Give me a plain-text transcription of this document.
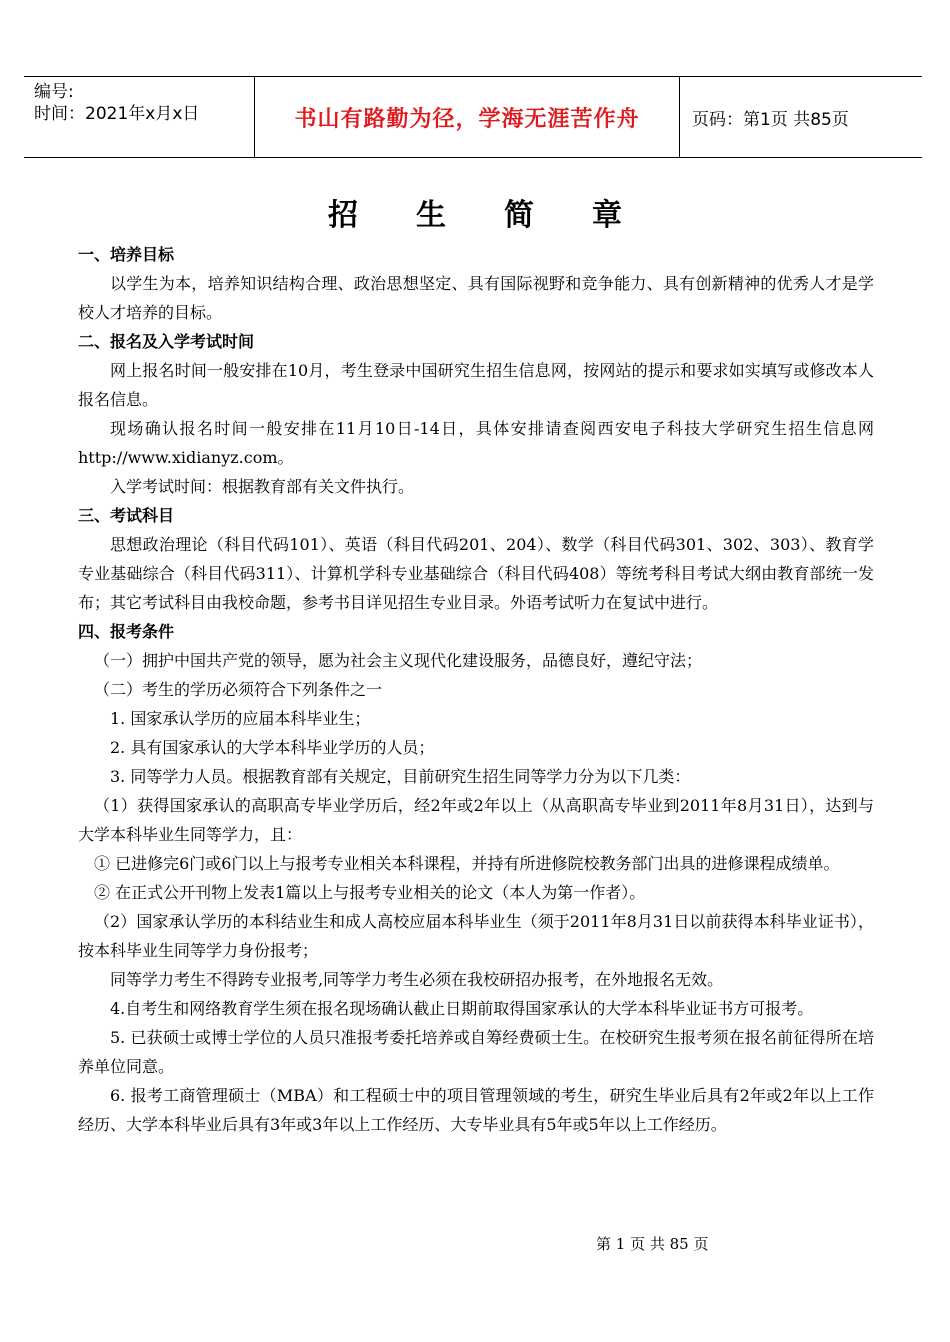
编号:
时间：2021年x月x日	书山有路勤为径，学海无涯苦作舟	页码：第1页 共85页
招生简章

一、培养目标

以学生为本，培养知识结构合理、政治思想坚定、具有国际视野和竞争能力、具有创新精神的优秀人才是学校人才培养的目标。

二、报名及入学考试时间

网上报名时间一般安排在10月，考生登录中国研究生招生信息网，按网站的提示和要求如实填写或修改本人报名信息。

现场确认报名时间一般安排在11月10日-14日，具体安排请查阅西安电子科技大学研究生招生信息网http://www.xidianyz.com。

入学考试时间：根据教育部有关文件执行。

三、考试科目

思想政治理论（科目代码101）、英语（科目代码201、204）、数学（科目代码301、302、303）、教育学专业基础综合（科目代码311）、计算机学科专业基础综合（科目代码408）等统考科目考试大纲由教育部统一发布；其它考试科目由我校命题，参考书目详见招生专业目录。外语考试听力在复试中进行。

四、报考条件

（一）拥护中国共产党的领导，愿为社会主义现代化建设服务，品德良好，遵纪守法；

（二）考生的学历必须符合下列条件之一

1. 国家承认学历的应届本科毕业生；

2. 具有国家承认的大学本科毕业学历的人员；

3. 同等学力人员。根据教育部有关规定，目前研究生招生同等学力分为以下几类：

（1）获得国家承认的高职高专毕业学历后，经2年或2年以上（从高职高专毕业到2011年8月31日），达到与大学本科毕业生同等学力，且：

① 已进修完6门或6门以上与报考专业相关本科课程，并持有所进修院校教务部门出具的进修课程成绩单。

② 在正式公开刊物上发表1篇以上与报考专业相关的论文（本人为第一作者）。

（2）国家承认学历的本科结业生和成人高校应届本科毕业生（须于2011年8月31日以前获得本科毕业证书），按本科毕业生同等学力身份报考；

同等学力考生不得跨专业报考,同等学力考生必须在我校研招办报考，在外地报名无效。

4.自考生和网络教育学生须在报名现场确认截止日期前取得国家承认的大学本科毕业证书方可报考。

5. 已获硕士或博士学位的人员只准报考委托培养或自筹经费硕士生。在校研究生报考须在报名前征得所在培养单位同意。

6. 报考工商管理硕士（MBA）和工程硕士中的项目管理领域的考生，研究生毕业后具有2年或2年以上工作经历、大学本科毕业后具有3年或3年以上工作经历、大专毕业具有5年或5年以上工作经历。

第 1 页 共 85 页
